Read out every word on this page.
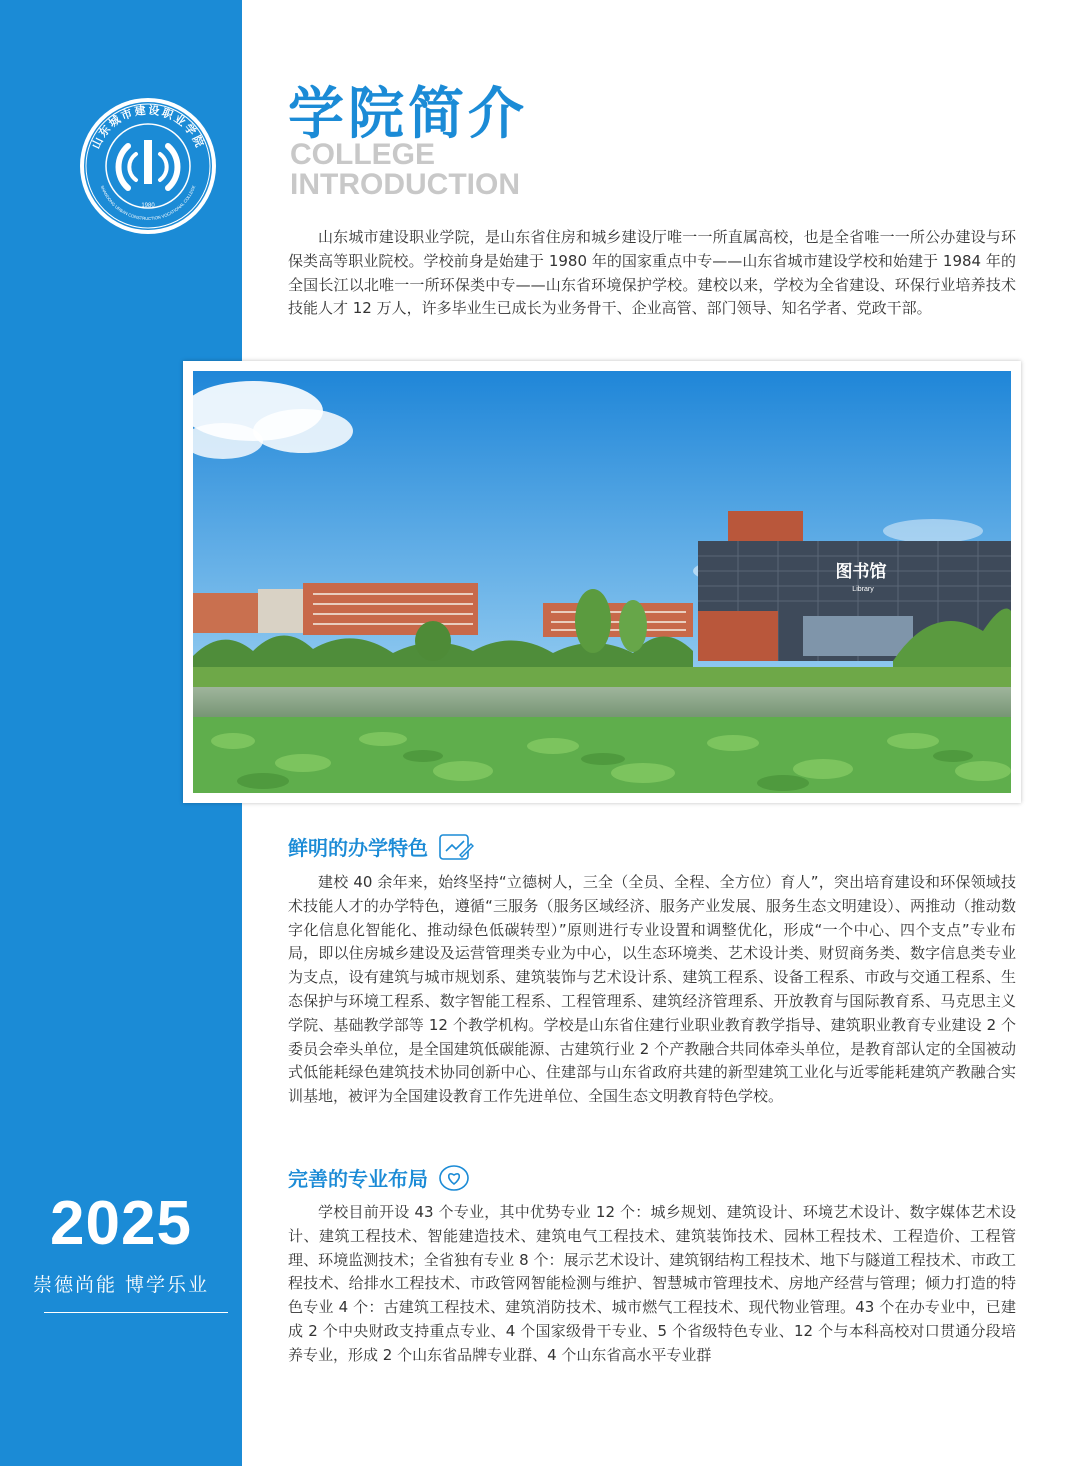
山东城市建设职业学院
SHANDONG URBAN CONSTRUCTION VOCATIONAL COLLEGE
1980
2025
崇德尚能 博学乐业
学院简介
COLLEGE
INTRODUCTION

山东城市建设职业学院，是山东省住房和城乡建设厅唯一一所直属高校，也是全省唯一一所公办建设与环保类高等职业院校。学校前身是始建于 1980 年的国家重点中专——山东省城市建设学校和始建于 1984 年的全国长江以北唯一一所环保类中专——山东省环境保护学校。建校以来，学校为全省建设、环保行业培养技术技能人才 12 万人，许多毕业生已成长为业务骨干、企业高管、部门领导、知名学者、党政干部。

图书馆
Library
鲜明的办学特色

建校 40 余年来，始终坚持“立德树人，三全（全员、全程、全方位）育人”，突出培育建设和环保领域技术技能人才的办学特色，遵循“三服务（服务区域经济、服务产业发展、服务生态文明建设）、两推动（推动数字化信息化智能化、推动绿色低碳转型）”原则进行专业设置和调整优化，形成“一个中心、四个支点”专业布局，即以住房城乡建设及运营管理类专业为中心，以生态环境类、艺术设计类、财贸商务类、数字信息类专业为支点，设有建筑与城市规划系、建筑装饰与艺术设计系、建筑工程系、设备工程系、市政与交通工程系、生态保护与环境工程系、数字智能工程系、工程管理系、建筑经济管理系、开放教育与国际教育系、马克思主义学院、基础教学部等 12 个教学机构。学校是山东省住建行业职业教育教学指导、建筑职业教育专业建设 2 个委员会牵头单位，是全国建筑低碳能源、古建筑行业 2 个产教融合共同体牵头单位，是教育部认定的全国被动式低能耗绿色建筑技术协同创新中心、住建部与山东省政府共建的新型建筑工业化与近零能耗建筑产教融合实训基地，被评为全国建设教育工作先进单位、全国生态文明教育特色学校。

完善的专业布局

学校目前开设 43 个专业，其中优势专业 12 个：城乡规划、建筑设计、环境艺术设计、数字媒体艺术设计、建筑工程技术、智能建造技术、建筑电气工程技术、建筑装饰技术、园林工程技术、工程造价、工程管理、环境监测技术；全省独有专业 8 个：展示艺术设计、建筑钢结构工程技术、地下与隧道工程技术、市政工程技术、给排水工程技术、市政管网智能检测与维护、智慧城市管理技术、房地产经营与管理；倾力打造的特色专业 4 个：古建筑工程技术、建筑消防技术、城市燃气工程技术、现代物业管理。43 个在办专业中，已建成 2 个中央财政支持重点专业、4 个国家级骨干专业、5 个省级特色专业、12 个与本科高校对口贯通分段培养专业，形成 2 个山东省品牌专业群、4 个山东省高水平专业群
